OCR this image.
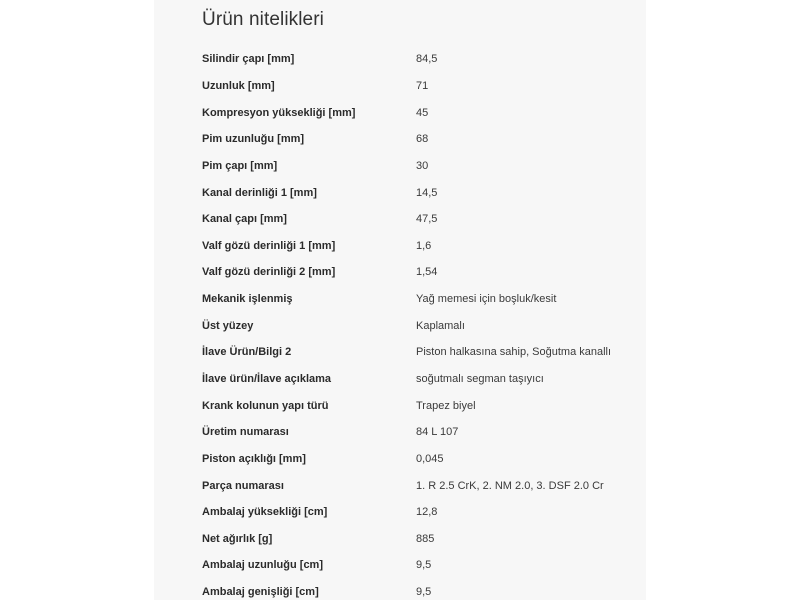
Ürün nitelikleri
Silindir çapı [mm]	84,5
Uzunluk [mm]	71
Kompresyon yüksekliği [mm]	45
Pim uzunluğu [mm]	68
Pim çapı [mm]	30
Kanal derinliği 1 [mm]	14,5
Kanal çapı [mm]	47,5
Valf gözü derinliği 1 [mm]	1,6
Valf gözü derinliği 2 [mm]	1,54
Mekanik işlenmiş	Yağ memesi için boşluk/kesit
Üst yüzey	Kaplamalı
İlave Ürün/Bilgi 2	Piston halkasına sahip, Soğutma kanallı
İlave ürün/İlave açıklama	soğutmalı segman taşıyıcı
Krank kolunun yapı türü	Trapez biyel
Üretim numarası	84 L 107
Piston açıklığı [mm]	0,045
Parça numarası	1. R 2.5 CrK, 2. NM 2.0, 3. DSF 2.0 Cr
Ambalaj yüksekliği [cm]	12,8
Net ağırlık [g]	885
Ambalaj uzunluğu [cm]	9,5
Ambalaj genişliği [cm]	9,5
